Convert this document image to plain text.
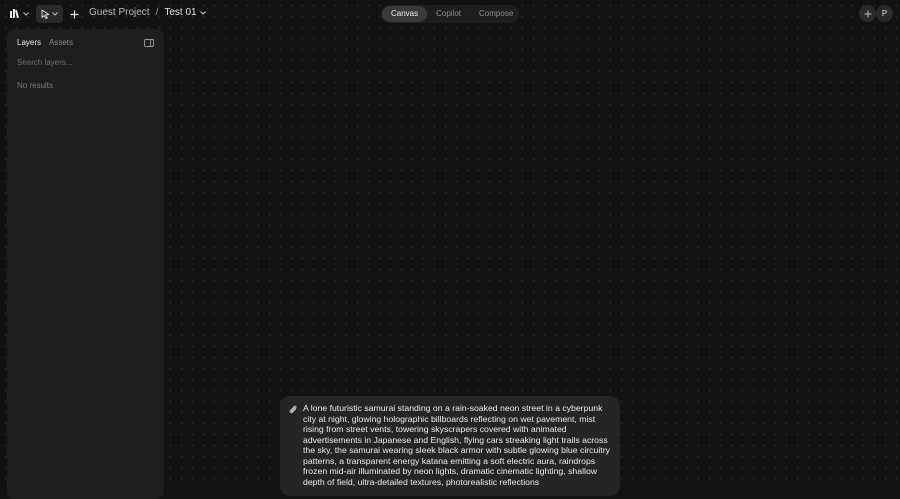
Guest Project / Test 01	Canvas	Copilot	Compose	P
Layers Assets
Search layers...
No results
A lone futuristic samurai standing on a rain-soaked neon street in a cyberpunk city at night, glowing holographic billboards reflecting on wet pavement, mist rising from street vents, towering skyscrapers covered with animated advertisements in Japanese and English, flying cars streaking light trails across the sky, the samurai wearing sleek black armor with subtle glowing blue circuitry patterns, a transparent energy katana emitting a soft electric aura, raindrops frozen mid-air illuminated by neon lights, dramatic cinematic lighting, shallow depth of field, ultra-detailed textures, photorealistic reflections
